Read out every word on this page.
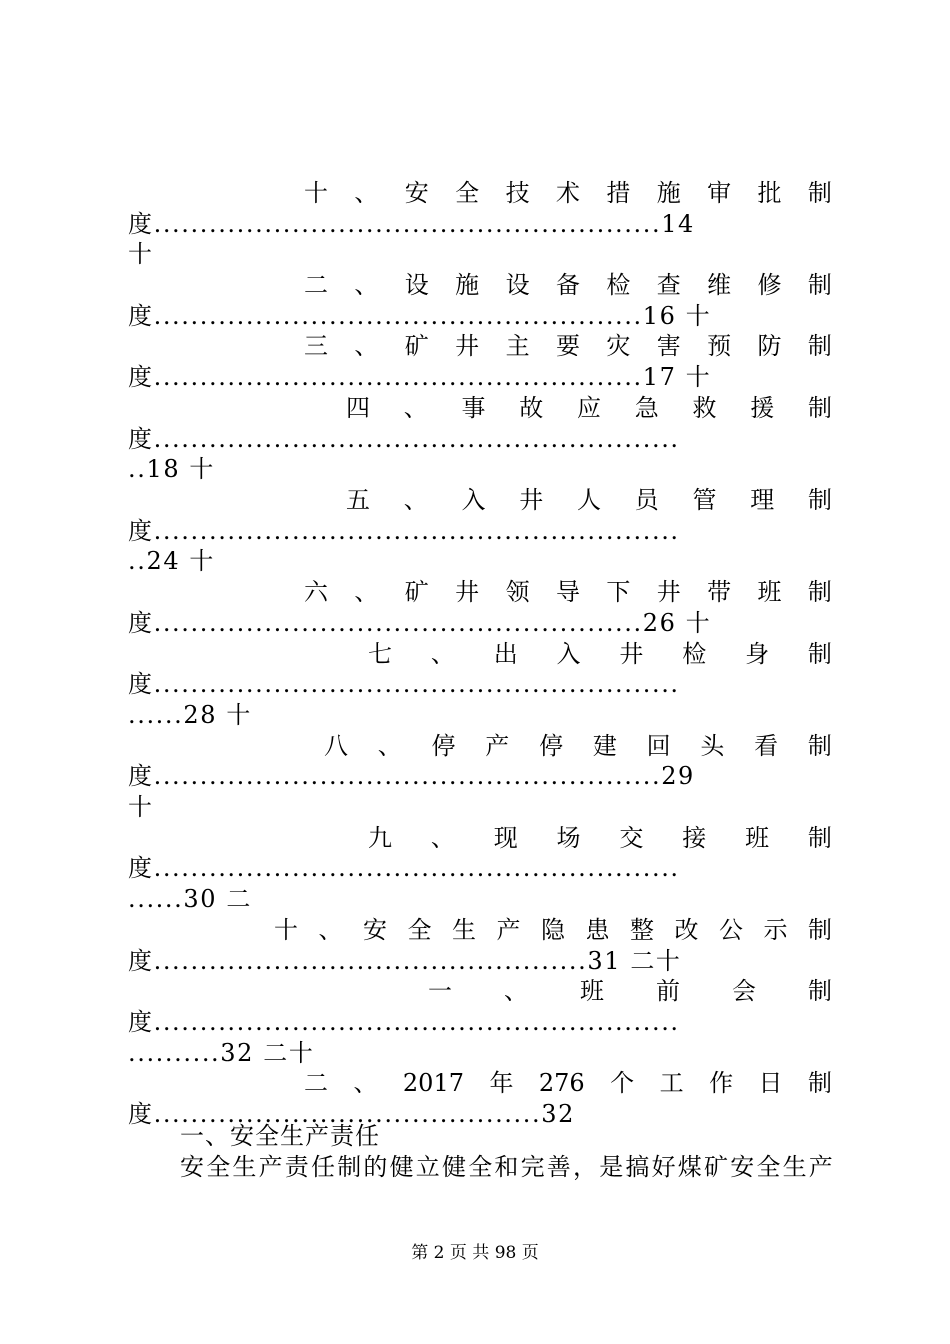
十 、 安 全 技 术 措 施 审 批 制
度.......................................................14
十
二 、 设 施 设 备 检 查 维 修 制
度.....................................................16 十
三 、 矿 井 主 要 灾 害 预 防 制
度.....................................................17 十
四 、 事 故 应 急 救 援 制
度.........................................................
..18 十
五 、 入 井 人 员 管 理 制
度.........................................................
..24 十
六 、 矿 井 领 导 下 井 带 班 制
度.....................................................26 十
七 、 出 入 井 检 身 制
度.........................................................
......28 十
八 、 停 产 停 建 回 头 看 制
度.......................................................29
十
九 、 现 场 交 接 班 制
度.........................................................
......30 二
十 、 安 全 生 产 隐 患 整 改 公 示 制
度...............................................31 二十
一 、 班 前 会 制
度.........................................................
..........32 二十
二 、 2017 年 276 个 工 作 日 制
度..........................................32
一、安全生产责任
安全生产责任制的健立健全和完善，是搞好煤矿安全生产
第 2 页 共 98 页
